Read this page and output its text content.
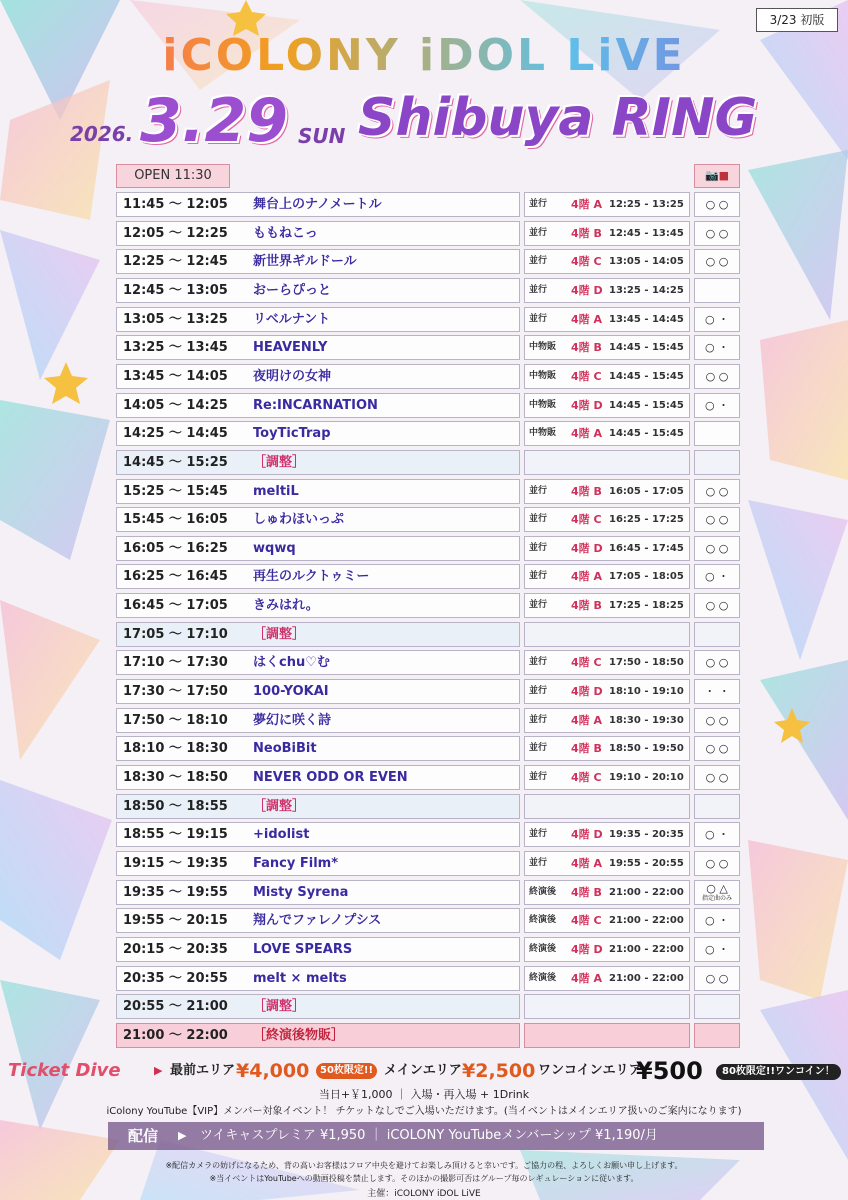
3/23 初版
iCOLONY iDOL LiVE
2026. 3.29 SUN Shibuya RING
OPEN 11:30	📷■
11:45 ～ 12:05	舞台上のナノメートル	並行 4階 A 12:25 - 13:25	○ ○
12:05 ～ 12:25	ももねこっ	並行 4階 B 12:45 - 13:45	○ ○
12:25 ～ 12:45	新世界ギルドール	並行 4階 C 13:05 - 14:05	○ ○
12:45 ～ 13:05	おーらぴっと	並行 4階 D 13:25 - 14:25
13:05 ～ 13:25	リベルナント	並行 4階 A 13:45 - 14:45	○ ・
13:25 ～ 13:45	HEAVENLY	中物販 4階 B 14:45 - 15:45	○ ・
13:45 ～ 14:05	夜明けの女神	中物販 4階 C 14:45 - 15:45	○ ○
14:05 ～ 14:25	Re:INCARNATION	中物販 4階 D 14:45 - 15:45	○ ・
14:25 ～ 14:45	ToyTicTrap	中物販 4階 A 14:45 - 15:45
14:45 ～ 15:25	［調整］
15:25 ～ 15:45	meltiL	並行 4階 B 16:05 - 17:05	○ ○
15:45 ～ 16:05	しゅわほいっぷ	並行 4階 C 16:25 - 17:25	○ ○
16:05 ～ 16:25	wqwq	並行 4階 D 16:45 - 17:45	○ ○
16:25 ～ 16:45	再生のルクトゥミー	並行 4階 A 17:05 - 18:05	○ ・
16:45 ～ 17:05	きみはれ。	並行 4階 B 17:25 - 18:25	○ ○
17:05 ～ 17:10	［調整］
17:10 ～ 17:30	はくchu♡む	並行 4階 C 17:50 - 18:50	○ ○
17:30 ～ 17:50	100-YOKAI	並行 4階 D 18:10 - 19:10	・ ・
17:50 ～ 18:10	夢幻に咲く詩	並行 4階 A 18:30 - 19:30	○ ○
18:10 ～ 18:30	NeoBiBit	並行 4階 B 18:50 - 19:50	○ ○
18:30 ～ 18:50	NEVER ODD OR EVEN	並行 4階 C 19:10 - 20:10	○ ○
18:50 ～ 18:55	［調整］
18:55 ～ 19:15	+idolist	並行 4階 D 19:35 - 20:35	○ ・
19:15 ～ 19:35	Fancy Film*	並行 4階 A 19:55 - 20:55	○ ○
19:35 ～ 19:55	Misty Syrena	終演後 4階 B 21:00 - 22:00	○ △
指定曲のみ
19:55 ～ 20:15	翔んでファレノプシス	終演後 4階 C 21:00 - 22:00	○ ・
20:15 ～ 20:35	LOVE SPEARS	終演後 4階 D 21:00 - 22:00	○ ・
20:35 ～ 20:55	melt × melts	終演後 4階 A 21:00 - 22:00	○ ○
20:55 ～ 21:00	［調整］
21:00 ～ 22:00	［終演後物販］
Ticket Dive	▶ 最前エリア ¥4,000	50枚限定!! メインエリア ¥2,500 ワンコインエリア
¥500	80枚限定!!ワンコイン！
当日+￥1,000 ｜ 入場・再入場 + 1Drink
iColony YouTube【VIP】メンバー対象イベント！ チケットなしでご入場いただけます。(当イベントはメインエリア扱いのご案内になります)
配信 ▶ ツイキャスプレミア ¥1,950 ｜ iCOLONY YouTubeメンバーシップ ¥1,190/月
※配信カメラの妨げになるため、背の高いお客様はフロア中央を避けてお楽しみ頂けると幸いです。ご協力の程、よろしくお願い申し上げます。
※当イベントはYouTubeへの動画投稿を禁止します。そのほかの撮影可否はグループ毎のレギュレーションに従います。
主催：iCOLONY iDOL LiVE
